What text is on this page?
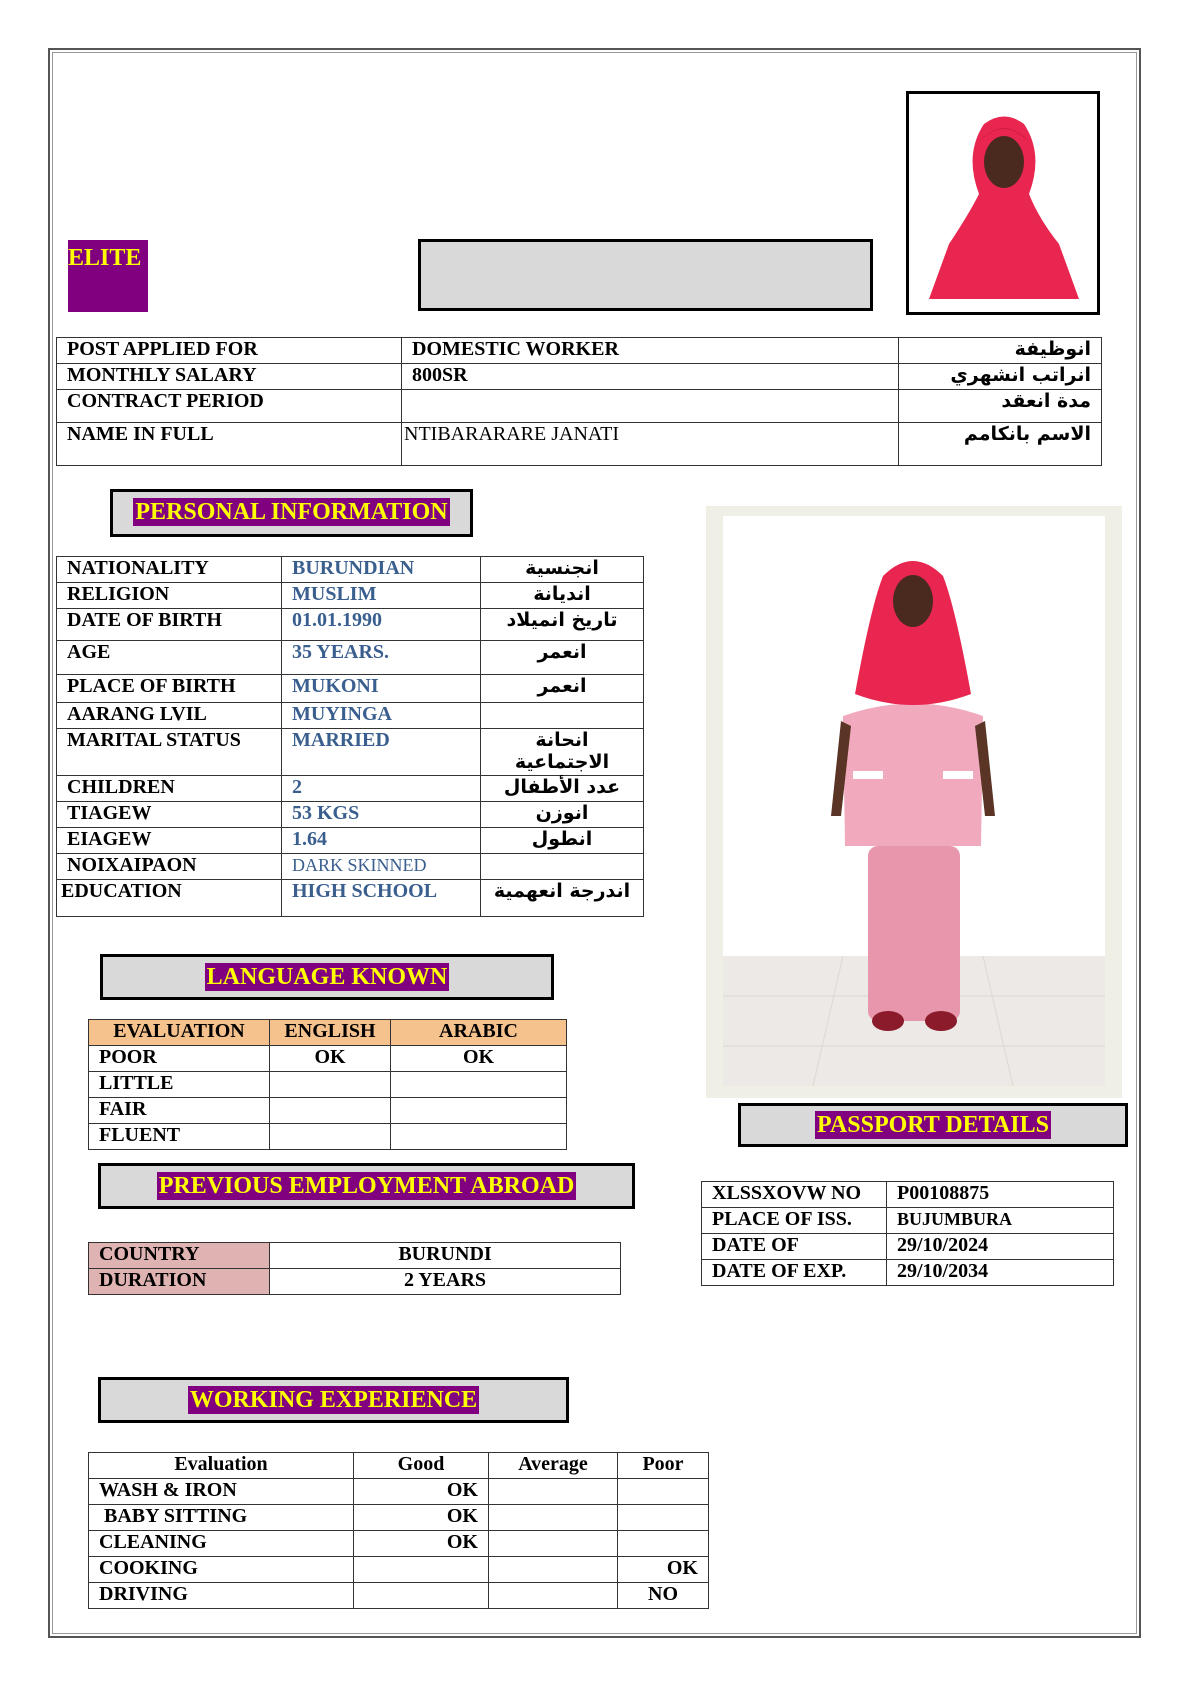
ELITE
POST APPLIED FOR	DOMESTIC WORKER	انوظيفة
MONTHLY SALARY	800SR	انراتب انشهري
CONTRACT PERIOD		مدة انعقد
NAME IN FULL	NTIBARARARE JANATI	الاسم بانكامم
PERSONAL INFORMATION
NATIONALITY	BURUNDIAN	انجنسية
RELIGION	MUSLIM	انديانة
DATE OF BIRTH	01.01.1990	تاريخ انميلاد
AGE	35 YEARS.	انعمر
PLACE OF BIRTH	MUKONI	انعمر
AARANG LVIL	MUYINGA	
MARITAL STATUS	MARRIED	انحانة الاجتماعية
CHILDREN	2	عدد الأطفال
TIAGEW	53 KGS	انوزن
EIAGEW	1.64	انطول
NOIXAIPAON	DARK SKINNED	
EDUCATION	HIGH SCHOOL	اندرجة انعهمية
LANGUAGE KNOWN
EVALUATION	ENGLISH	ARABIC
POOR	OK	OK
LITTLE		
FAIR		
FLUENT			PASSPORT DETAILS
XLSSXOVW NO	P00108875
PLACE OF ISS.	BUJUMBURA
DATE OF	29/10/2024
DATE OF EXP.	29/10/2034
PREVIOUS EMPLOYMENT ABROAD
COUNTRY	BURUNDI
DURATION	2 YEARS
WORKING EXPERIENCE
Evaluation	Good	Average	Poor
WASH & IRON	OK		
BABY SITTING	OK		
CLEANING	OK		
COOKING			OK
DRIVING			NO
